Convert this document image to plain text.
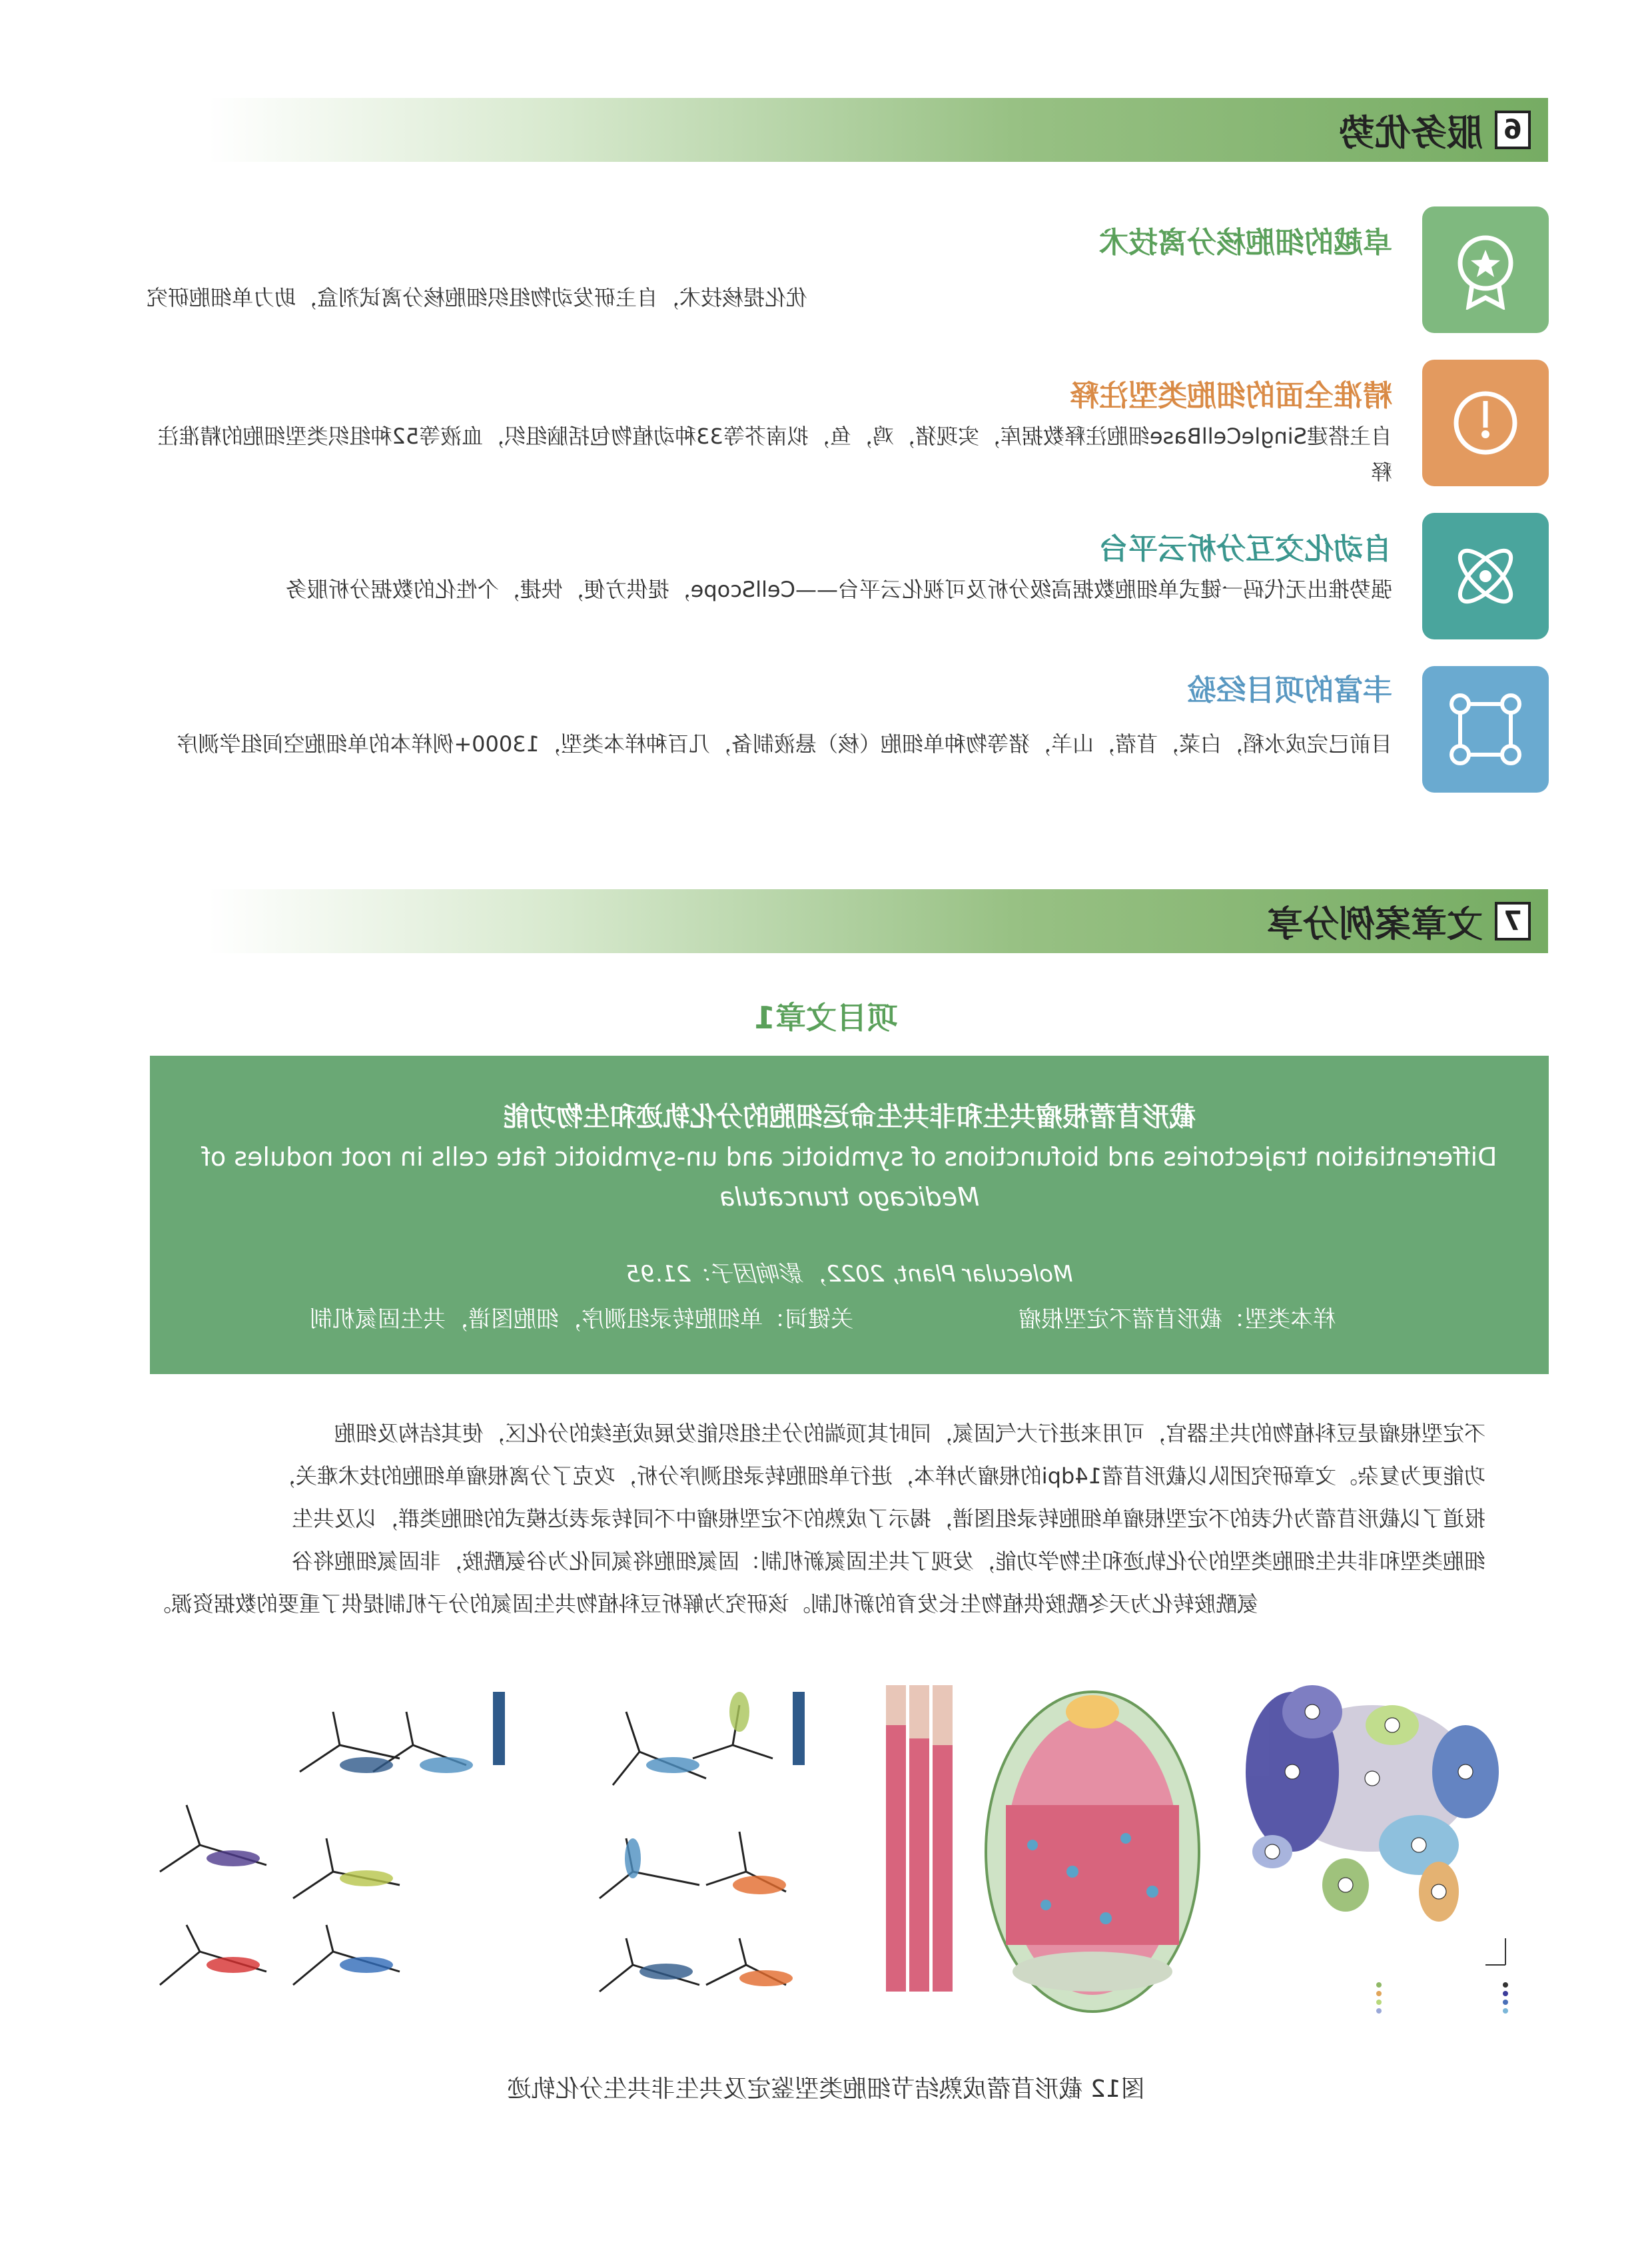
服务优势 6
卓越的细胞核分离技术
优化提核技术，自主研发动物组织细胞核分离试剂盒，助力单细胞研究
精准全面的细胞类型注释
自主搭建SingleCellBase细胞注释数据库，实现猪，鸡，鱼，拟南芥等33种动植物包括脑组织，血液等52种组织类型细胞的精准注释
自动化交互分析云平台
强势推出无代码一键式单细胞数据高级分析及可视化云平台——CellScope，提供方便，快捷，个性化的数据分析服务
丰富的项目经验
目前已完成水稻，白菜，苜蓿，山羊，猪等物种单细胞（核）悬液制备，几百种样本类型，13000+例样本的单细胞空间组学测序
文章案例分享 7
项目文章1
截形苜蓿根瘤共生和非共生命运细胞的分化轨迹和生物功能
Differentiation trajectories and biofunctions of symbiotic and un-symbiotic fate cells in root nodules of
Medicago truncatula
Molecular Plant, 2022，影响因子：21.95
样本类型：截形苜蓿不定型根瘤
关键词：单细胞转录组测序，细胞图谱，共生固氮机制
不定型根瘤是豆科植物的共生器官，可用来进行大气固氮，同时其顶端的分生组织能发展成连续的分化区，使其结构及细胞
功能更为复杂。文章研究团队以截形苜蓿14dpi的根瘤为样本，进行单细胞转录组测序分析，攻克了分离根瘤单细胞的技术难关，
报道了以截形苜蓿为代表的不定型根瘤单细胞转录组图谱，揭示了成熟的不定型根瘤中不同转录表达模式的细胞类群，以及共生
细胞类型和非共生细胞类型的分化轨迹和生物学功能，发现了共生固氮新机制：固氮细胞将氮同化为谷氨酰胺，非固氮细胞将谷
氨酰胺转化为天冬酰胺供植物生长发育的新机制。该研究为解析豆科植物共生固氮的分子机制提供了重要的数据资源。
图12 截形苜蓿成熟结节细胞类型鉴定及共生非共生分化轨迹
